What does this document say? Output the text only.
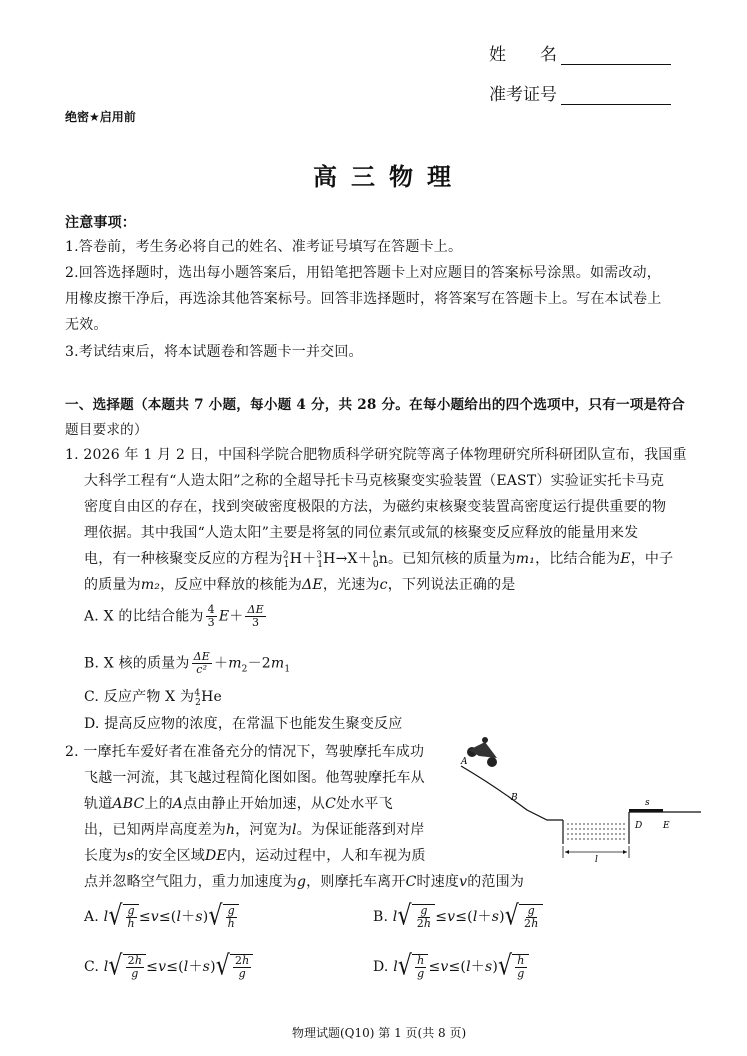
姓　　名
准考证号
绝密★启用前
高三物理
注意事项：
1.答卷前，考生务必将自己的姓名、准考证号填写在答题卡上。
2.回答选择题时，选出每小题答案后，用铅笔把答题卡上对应题目的答案标号涂黑。如需改动，
用橡皮擦干净后，再选涂其他答案标号。回答非选择题时，将答案写在答题卡上。写在本试卷上
无效。
3.考试结束后，将本试题卷和答题卡一并交回。
一、选择题（本题共 7 小题，每小题 4 分，共 28 分。在每小题给出的四个选项中，只有一项是符合
题目要求的）
1. 2026 年 1 月 2 日，中国科学院合肥物质科学研究院等离子体物理研究所科研团队宣布，我国重
大科学工程有“人造太阳”之称的全超导托卡马克核聚变实验装置（EAST）实验证实托卡马克
密度自由区的存在，找到突破密度极限的方法，为磁约束核聚变装置高密度运行提供重要的物
理依据。其中我国“人造太阳”主要是将氢的同位素氘或氚的核聚变反应释放的能量用来发
电，有一种核聚变反应的方程为$^2_1$H＋$^3_1$H→X＋$^1_0$n。已知氘核的质量为m₁，比结合能为E，中子
的质量为m₂，反应中释放的核能为ΔE，光速为c，下列说法正确的是
A. X 的比结合能为 $\frac{4}{3} E+ \frac{\Delta E}{3}$
B. X 核的质量为 $\frac{\Delta E}{\text{c²}} +m_2-2m_1$
C. 反应产物 X 为$^4_2$He
D. 提高反应物的浓度，在常温下也能发生聚变反应
2. 一摩托车爱好者在准备充分的情况下，驾驶摩托车成功
飞越一河流，其飞越过程简化图如图。他驾驶摩托车从
轨道ABC上的A点由静止开始加速，从C处水平飞
出，已知两岸高度差为h，河宽为l。为保证能落到对岸
长度为s的安全区域DE内，运动过程中，人和车视为质
点并忽略空气阻力，重力加速度为g，则摩托车离开C时速度v的范围为
A. l √ $\frac{g}{h} \le v\le(l+s)$ √ $\frac{g}{h}$	B. l √ $\frac{g}{2h} \le v\le(l+s)$ √ $\frac{g}{2h}$
C. l √ $\frac{2h}{g} \le v\le(l+s)$ √ $\frac{2h}{g}$	D. l √ $\frac{h}{g} \le v\le(l+s)$ √ $\frac{h}{g}$
A
B	s
D E
l
物理试题(Q10) 第 1 页(共 8 页)
